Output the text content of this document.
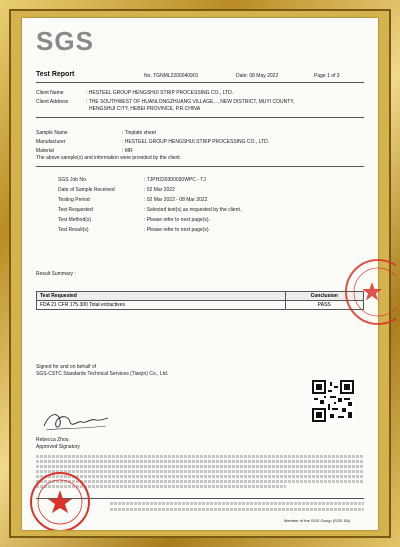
SGS
Test Report	No. TGNML2200040901	Date: 08 May 2022	Page 1 of 3
Client Name	: HESTEEL GROUP HENGSHUI STRIP PROCESSING CO., LTD.
Client Address	: THE SOUTHWEST OF HUANLONGZHUANG VILLAGE, ., NEW DISTRICT, MUYI COUNTY,
HENGSHUI CITY, HEBEI PROVINCE, P.R.CHINA
Sample Name	: Tinplate sheet
Manufacturer	: HESTEEL GROUP HENGSHUI STRIP PROCESSING CO., LTD.
Material	: MR
The above sample(s) and information were provided by the client.
SGS Job No.	: TJPH220300030WPC - TJ
Date of Sample Received	: 02 Mar 2022
Testing Period	: 02 Mar 2022 - 08 Mar 2022
Test Requested	: Selected test(s) as requested by the client.
Test Method(s)	: Please refer to next page(s).
Test Result(s)	: Please refer to next page(s).
Result Summary :
Test Requested	Conclusion
FDA 21 CFR 175.300 Total extractives	PASS
Signed for and on behalf of
SGS-CSTC Standards Technical Services (Tianjin) Co., Ltd.
Rebecca Zhou
Approved Signatory
Member of the SGS Group (SGS SA)
